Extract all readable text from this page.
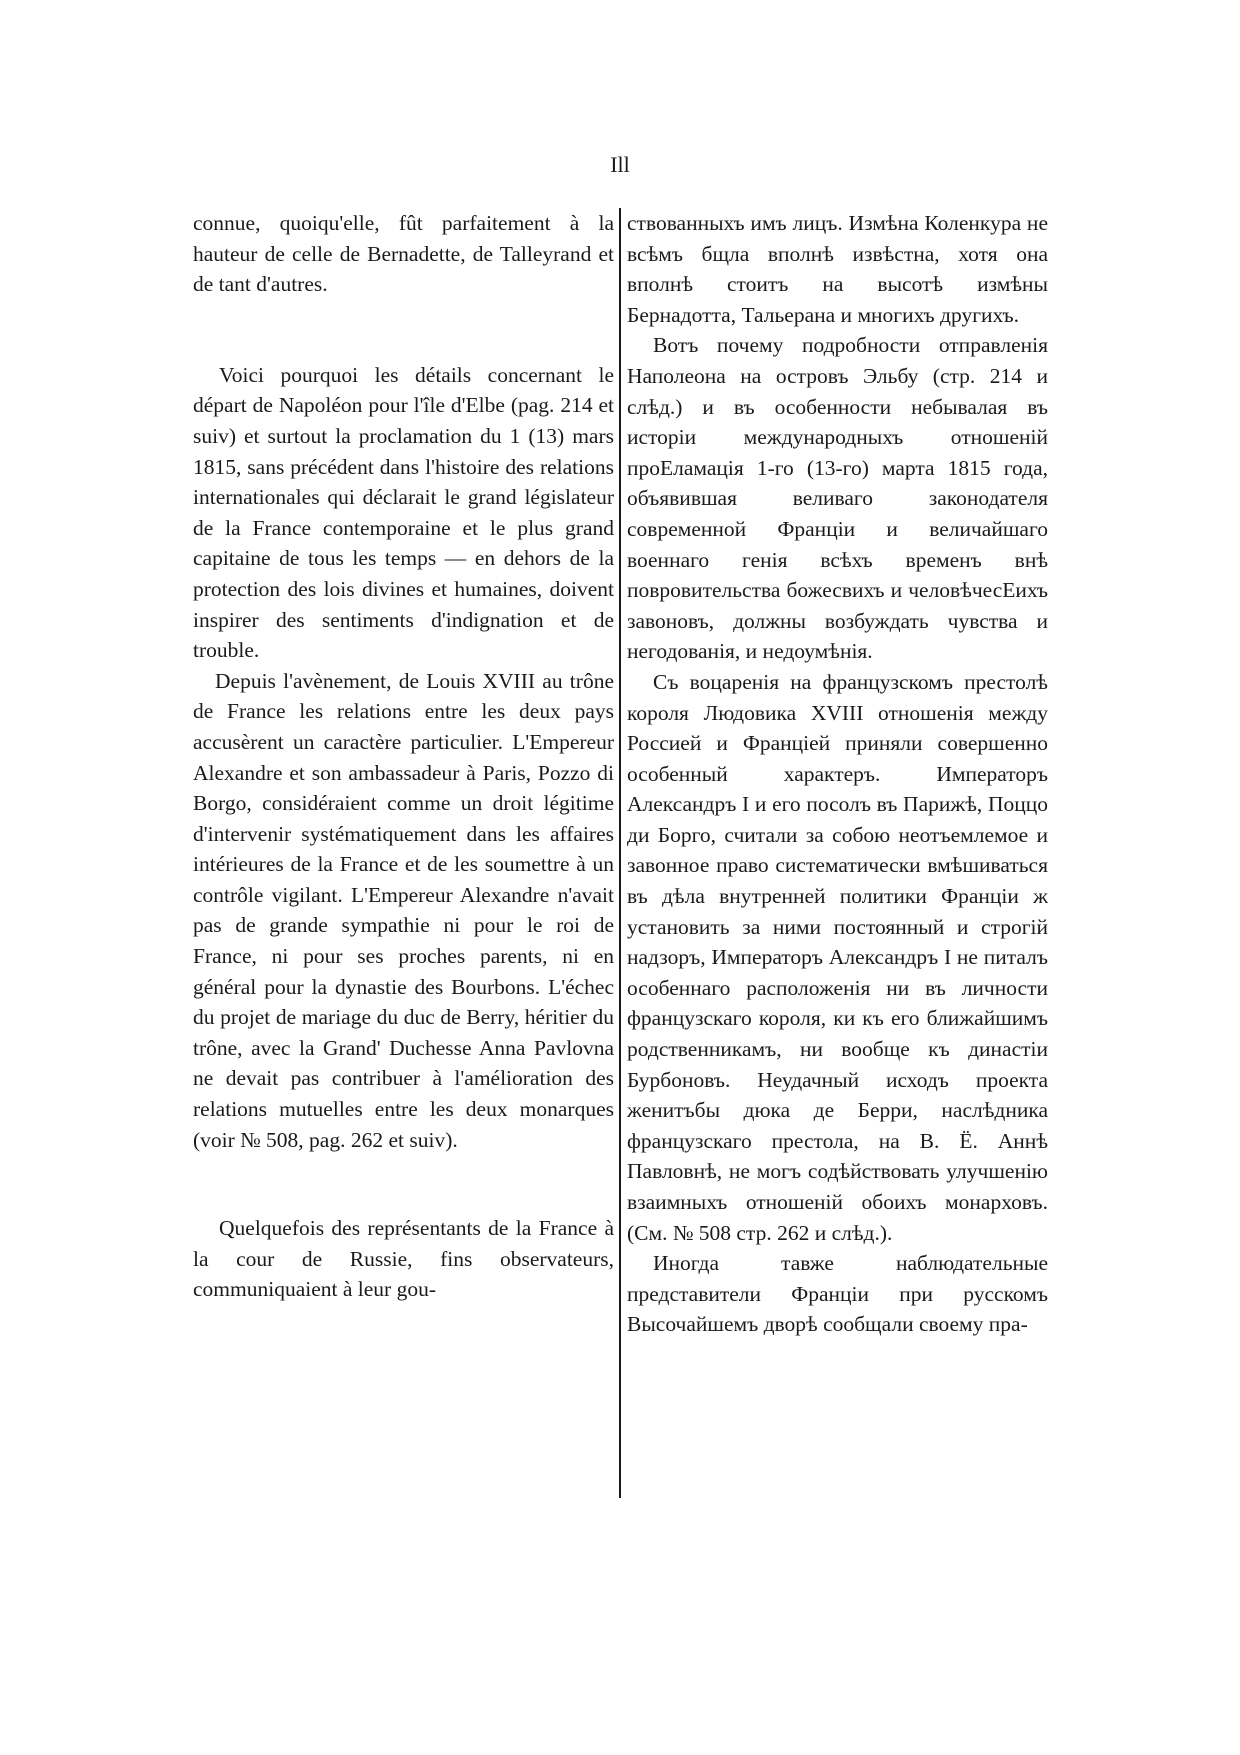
Ill

connue, quoiqu'elle, fût parfaitement à la hauteur de celle de Bernadette, de Talleyrand et de tant d'autres.

Voici pourquoi les détails concernant le départ de Napoléon pour l'île d'Elbe (pag. 214 et suiv) et surtout la proclamation du 1 (13) mars 1815, sans précédent dans l'histoire des relations internationales qui déclarait le grand législateur de la France contemporaine et le plus grand capitaine de tous les temps — en dehors de la protection des lois divines et humaines, doivent inspirer des sentiments d'indignation et de trouble.

Depuis l'avènement, de Louis XVIII au trône de France les relations entre les deux pays accusèrent un caractère particulier. L'Empereur Alexandre et son ambassadeur à Paris, Pozzo di Borgo, considéraient comme un droit légitime d'intervenir systématiquement dans les affaires intérieures de la France et de les soumettre à un contrôle vigilant. L'Empereur Alexandre n'avait pas de grande sympathie ni pour le roi de France, ni pour ses proches parents, ni en général pour la dynastie des Bourbons. L'échec du projet de mariage du duc de Berry, héritier du trône, avec la Grand' Duchesse Anna Pavlovna ne devait pas contribuer à l'amélioration des relations mutuelles entre les deux monarques (voir № 508, pag. 262 et suiv).

Quelquefois des représentants de la France à la cour de Russie, fins observateurs, communiquaient à leur gou-

ствованныхъ имъ лицъ. Измѣна Коленкура не всѣмъ бщла вполнѣ извѣстна, хотя она вполнѣ стоитъ на высотѣ измѣны Бернадотта, Тальерана и многихъ другихъ.

Вотъ почему подробности отправленія Наполеона на островъ Эльбу (стр. 214 и слѣд.) и въ особенности небывалая въ исторіи международныхъ отношеній проЕламація 1-го (13-го) марта 1815 года, объявившая веливаго законодателя современной Франціи и величайшаго военнаго генія всѣхъ временъ внѣ повровительства божесвихъ и человѣчесЕихъ завоновъ, должны возбуждать чувства и негодованія, и недоумѣнія.

Съ воцаренія на французскомъ престолѣ короля Людовика XVIII отношенія между Россией и Франціей приняли совершенно особенный характеръ. Императоръ Александръ I и его посолъ въ Парижѣ, Поццо ди Борго, считали за собою неотъемлемое и завонное право систематически вмѣшиваться въ дѣла внутренней политики Франціи ж установить за ними постоянный и строгій надзоръ, Императоръ Александръ I не питалъ особеннаго расположенія ни въ личности французскаго короля, ки къ его ближайшимъ родственникамъ, ни вообще къ династіи Бурбоновъ. Неудачный исходъ проекта женитъбы дюка де Берри, наслѣдника французскаго престола, на В. Ё. Аннѣ Павловнѣ, не могъ содѣйствовать улучшенію взаимныхъ отношеній обоихъ монарховъ. (См. № 508 стр. 262 и слѣд.).

Иногда тавже наблюдательные представители Франціи при русскомъ Высочайшемъ дворѣ сообщали своему пра-
